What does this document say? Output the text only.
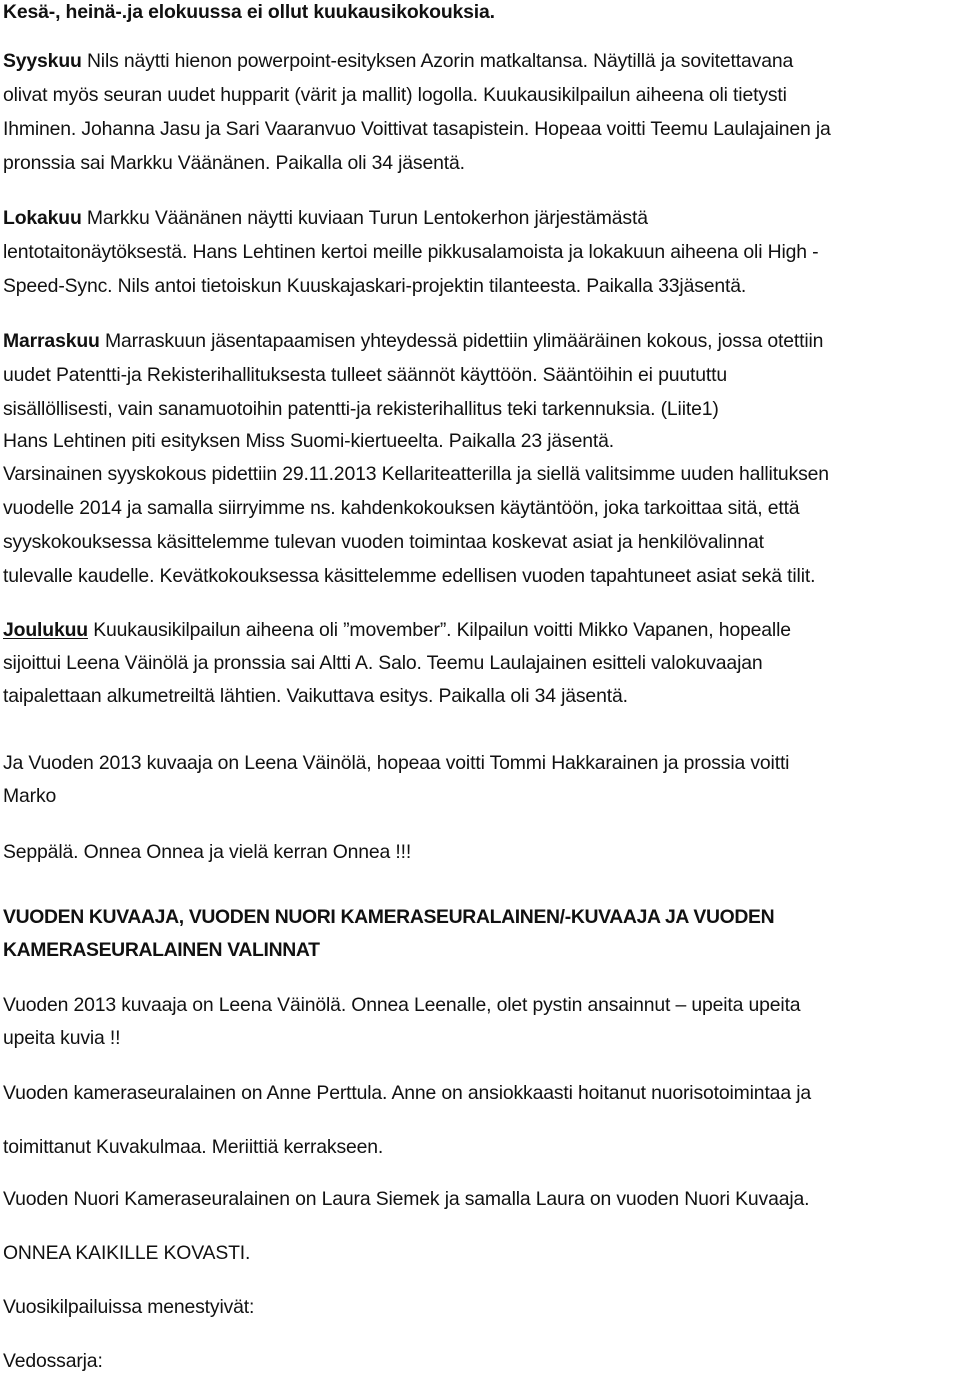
Kesä-, heinä-.ja elokuussa ei ollut kuukausikokouksia.
Syyskuu Nils näytti hienon powerpoint-esityksen Azorin matkaltansa. Näytillä ja sovitettavana
olivat myös seuran uudet hupparit (värit ja mallit) logolla. Kuukausikilpailun aiheena oli tietysti
Ihminen. Johanna Jasu ja Sari Vaaranvuo Voittivat tasapistein. Hopeaa voitti Teemu Laulajainen ja
pronssia sai Markku Väänänen. Paikalla oli 34 jäsentä.
Lokakuu Markku Väänänen näytti kuviaan Turun Lentokerhon järjestämästä
lentotaitonäytöksestä. Hans Lehtinen kertoi meille pikkusalamoista ja lokakuun aiheena oli High -
Speed-Sync. Nils antoi tietoiskun Kuuskajaskari-projektin tilanteesta. Paikalla 33jäsentä.
Marraskuu Marraskuun jäsentapaamisen yhteydessä pidettiin ylimääräinen kokous, jossa otettiin
uudet Patentti-ja Rekisterihallituksesta tulleet säännöt käyttöön. Sääntöihin ei puututtu
sisällöllisesti, vain sanamuotoihin patentti-ja rekisterihallitus teki tarkennuksia. (Liite1)
Hans Lehtinen piti esityksen Miss Suomi-kiertueelta. Paikalla 23 jäsentä.
Varsinainen syyskokous pidettiin 29.11.2013 Kellariteatterilla ja siellä valitsimme uuden hallituksen
vuodelle 2014 ja samalla siirryimme ns. kahdenkokouksen käytäntöön, joka tarkoittaa sitä, että
syyskokouksessa käsittelemme tulevan vuoden toimintaa koskevat asiat ja henkilövalinnat
tulevalle kaudelle. Kevätkokouksessa käsittelemme edellisen vuoden tapahtuneet asiat sekä tilit.
Joulukuu Kuukausikilpailun aiheena oli ”movember”. Kilpailun voitti Mikko Vapanen, hopealle
sijoittui Leena Väinölä ja pronssia sai Altti A. Salo. Teemu Laulajainen esitteli valokuvaajan
taipalettaan alkumetreiltä lähtien. Vaikuttava esitys. Paikalla oli 34 jäsentä.
Ja Vuoden 2013 kuvaaja on Leena Väinölä, hopeaa voitti Tommi Hakkarainen ja prossia voitti
Marko
Seppälä. Onnea Onnea ja vielä kerran Onnea !!!
VUODEN KUVAAJA, VUODEN NUORI KAMERASEURALAINEN/-KUVAAJA JA VUODEN
KAMERASEURALAINEN VALINNAT
Vuoden 2013 kuvaaja on Leena Väinölä. Onnea Leenalle, olet pystin ansainnut – upeita upeita
upeita kuvia !!
Vuoden kameraseuralainen on Anne Perttula. Anne on ansiokkaasti hoitanut nuorisotoimintaa ja
toimittanut Kuvakulmaa. Meriittiä kerrakseen.
Vuoden Nuori Kameraseuralainen on Laura Siemek ja samalla Laura on vuoden Nuori Kuvaaja.
ONNEA KAIKILLE KOVASTI.
Vuosikilpailuissa menestyivät:
Vedossarja:
